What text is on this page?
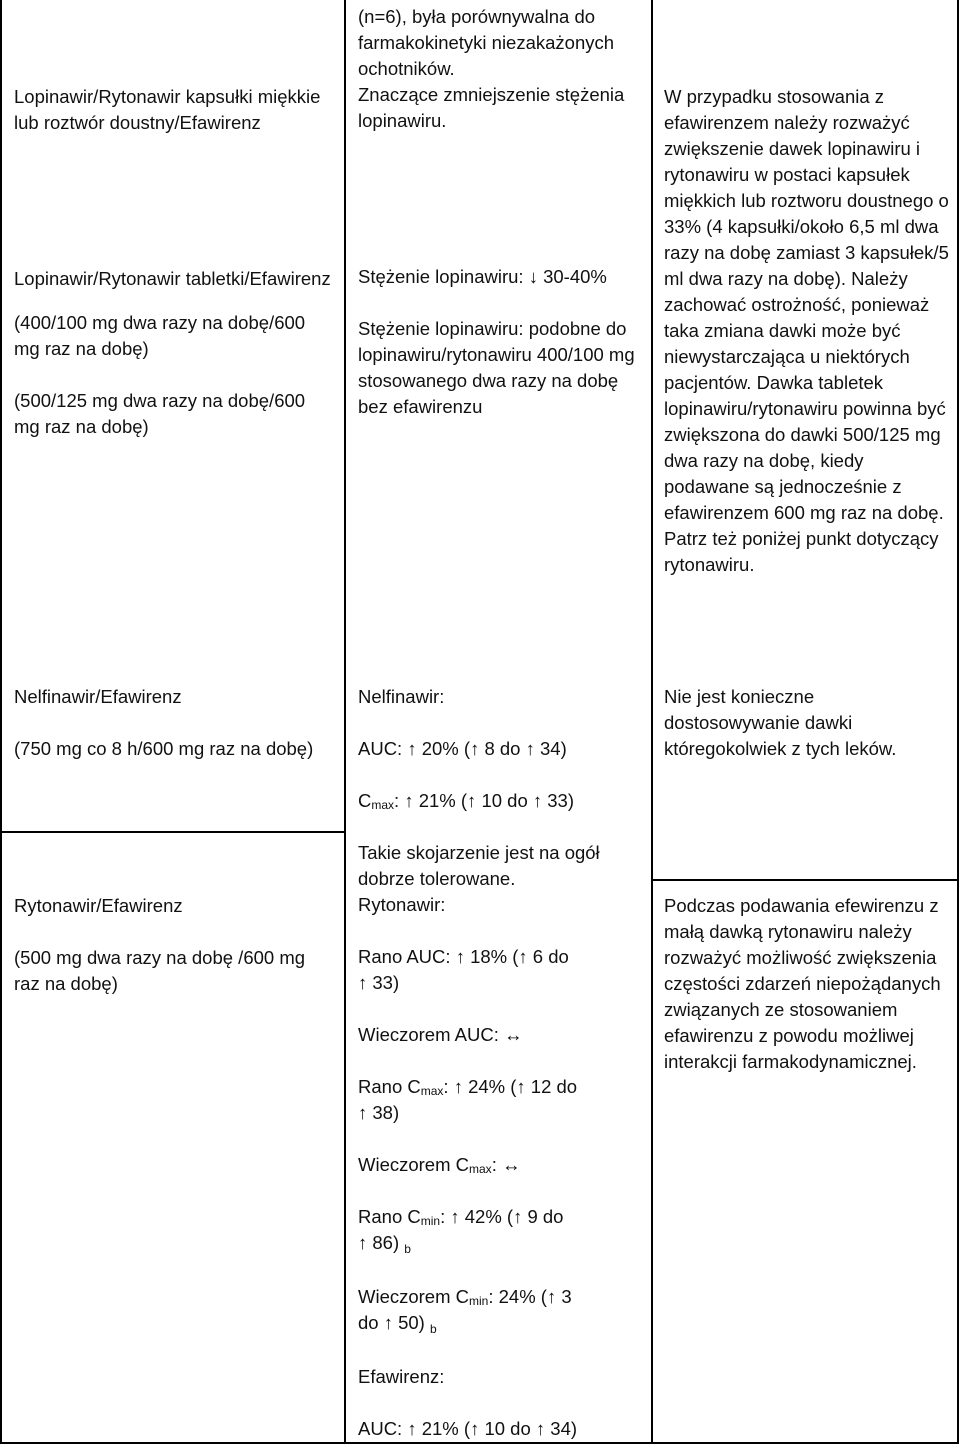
Lopinawir/Rytonawir kapsułki miękkie lub roztwór doustny/Efawirenz

Lopinawir/Rytonawir tabletki/Efawirenz

(400/100 mg dwa razy na dobę/600 mg raz na dobę)

(500/125 mg dwa razy na dobę/600 mg raz na dobę)

(n=6), była porównywalna do farmakokinetyki niezakażonych ochotników.

Znaczące zmniejszenie stężenia lopinawiru.

Stężenie lopinawiru: ↓ 30-40%

Stężenie lopinawiru: podobne do lopinawiru/rytonawiru 400/100 mg stosowanego dwa razy na dobę bez efawirenzu

W przypadku stosowania z efawirenzem należy rozważyć zwiększenie dawek lopinawiru i rytonawiru w postaci kapsułek miękkich lub roztworu doustnego o 33% (4 kapsułki/około 6,5 ml dwa razy na dobę zamiast 3 kapsułek/5 ml dwa razy na dobę). Należy zachować ostrożność, ponieważ taka zmiana dawki może być niewystarczająca u niektórych pacjentów. Dawka tabletek lopinawiru/rytonawiru powinna być zwiększona do dawki 500/125 mg dwa razy na dobę, kiedy podawane są jednocześnie z efawirenzem 600 mg raz na dobę. Patrz też poniżej punkt dotyczący rytonawiru.

Nelfinawir/Efawirenz

(750 mg co 8 h/600 mg raz na dobę)

Nelfinawir:

AUC: ↑ 20% (↑ 8 do ↑ 34)

$C_{max}$: ↑ 21% (↑ 10 do ↑ 33)

Nie jest konieczne dostosowywanie dawki któregokolwiek z tych leków.

Rytonawir/Efawirenz

(500 mg dwa razy na dobę /600 mg raz na dobę)

Takie skojarzenie jest na ogół dobrze tolerowane.

Rytonawir:

Rano AUC: ↑ 18% (↑ 6 do
↑ 33)

Wieczorem AUC: ↔

Rano $C_{max}$: ↑ 24% (↑ 12 do
↑ 38)

Wieczorem $C_{max}$: ↔

Rano $C_{min}$: ↑ 42% (↑ 9 do
↑ 86) $_b$

Wieczorem $C_{min}$: 24% (↑ 3
do ↑ 50) $_b$

Efawirenz:

AUC: ↑ 21% (↑ 10 do ↑ 34)

Podczas podawania efewirenzu z małą dawką rytonawiru należy rozważyć możliwość zwiększenia częstości zdarzeń niepożądanych związanych ze stosowaniem efawirenzu z powodu możliwej interakcji farmakodynamicznej.
